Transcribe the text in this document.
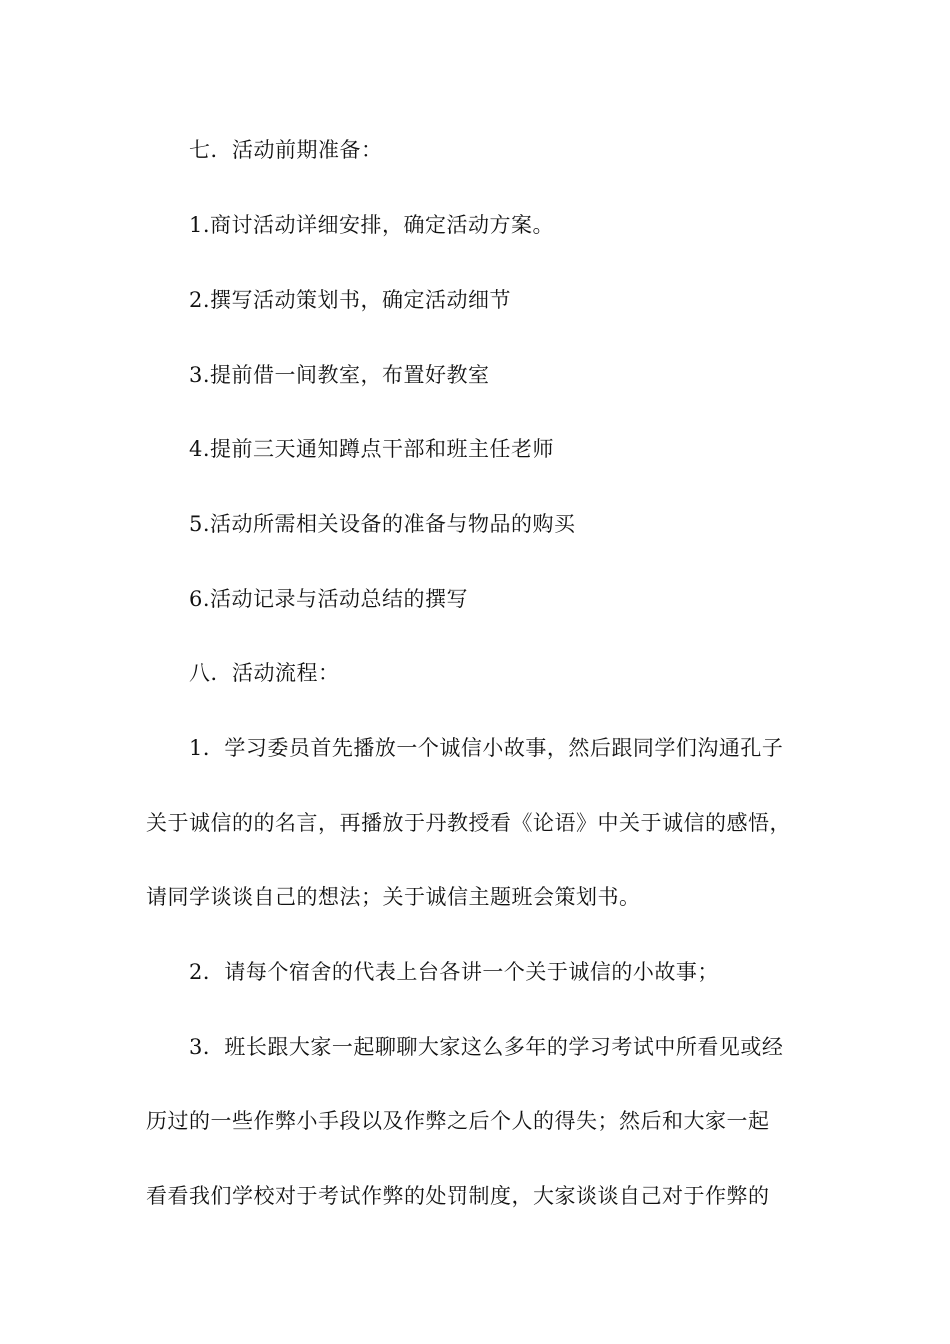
七．活动前期准备：
1.商讨活动详细安排，确定活动方案。
2.撰写活动策划书，确定活动细节
3.提前借一间教室，布置好教室
4.提前三天通知蹲点干部和班主任老师
5.活动所需相关设备的准备与物品的购买
6.活动记录与活动总结的撰写
八．活动流程：
1．学习委员首先播放一个诚信小故事，然后跟同学们沟通孔子
关于诚信的的名言，再播放于丹教授看《论语》中关于诚信的感悟，
请同学谈谈自己的想法；关于诚信主题班会策划书。
2．请每个宿舍的代表上台各讲一个关于诚信的小故事；
3．班长跟大家一起聊聊大家这么多年的学习考试中所看见或经
历过的一些作弊小手段以及作弊之后个人的得失；然后和大家一起
看看我们学校对于考试作弊的处罚制度，大家谈谈自己对于作弊的
